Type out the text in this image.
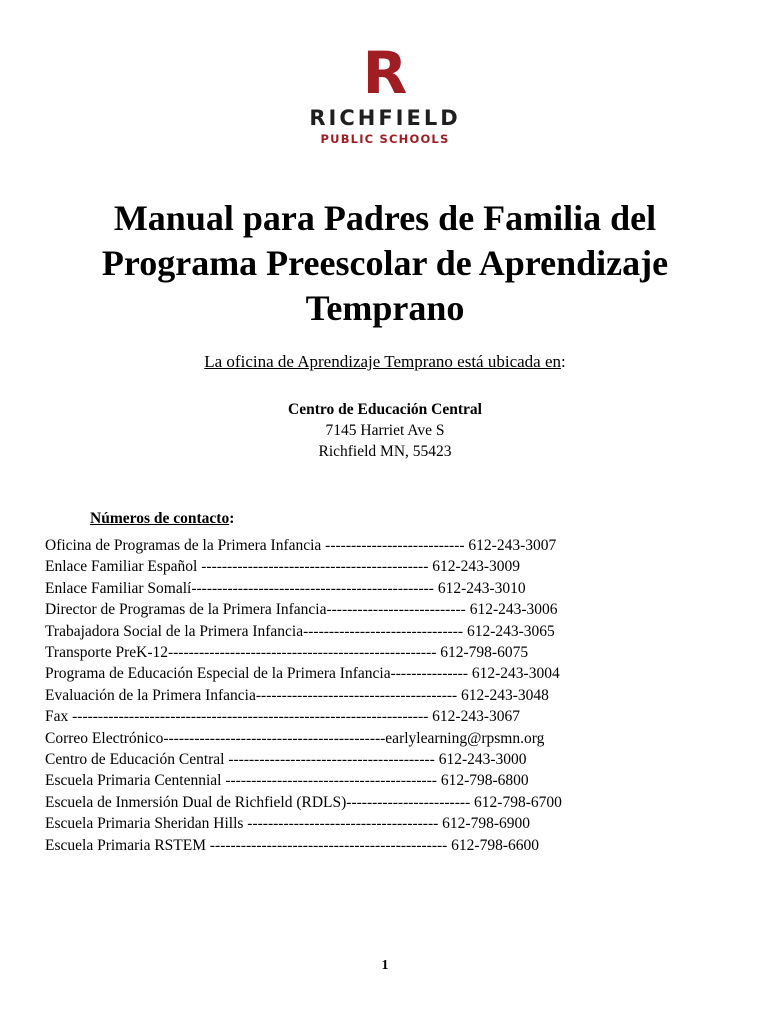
R
RICHFIELD
PUBLIC SCHOOLS
Manual para Padres de Familia del
Programa Preescolar de Aprendizaje
Temprano
La oficina de Aprendizaje Temprano está ubicada en:
Centro de Educación Central
7145 Harriet Ave S
Richfield MN, 55423
Números de contacto:
Oficina de Programas de la Primera Infancia --------------------------- 612-243-3007
Enlace Familiar Español -------------------------------------------- 612-243-3009
Enlace Familiar Somalí----------------------------------------------- 612-243-3010
Director de Programas de la Primera Infancia--------------------------- 612-243-3006
Trabajadora Social de la Primera Infancia------------------------------- 612-243-3065
Transporte PreK-12---------------------------------------------------- 612-798-6075
Programa de Educación Especial de la Primera Infancia--------------- 612-243-3004
Evaluación de la Primera Infancia--------------------------------------- 612-243-3048
Fax --------------------------------------------------------------------- 612-243-3067
Correo Electrónico-------------------------------------------earlylearning@rpsmn.org
Centro de Educación Central ---------------------------------------- 612-243-3000
Escuela Primaria Centennial ----------------------------------------- 612-798-6800
Escuela de Inmersión Dual de Richfield (RDLS)------------------------ 612-798-6700
Escuela Primaria Sheridan Hills ------------------------------------- 612-798-6900
Escuela Primaria RSTEM ---------------------------------------------- 612-798-6600
1
